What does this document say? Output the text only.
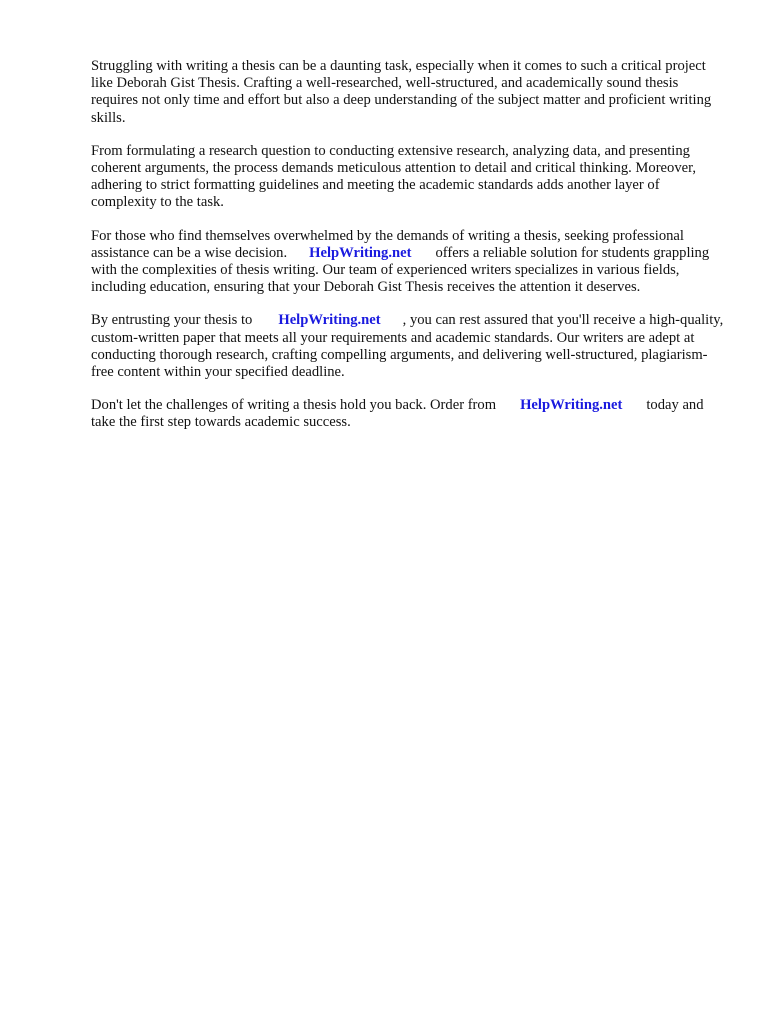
Struggling with writing a thesis can be a daunting task, especially when it comes to such a critical project like Deborah Gist Thesis. Crafting a well-researched, well-structured, and academically sound thesis requires not only time and effort but also a deep understanding of the subject matter and proficient writing skills.

From formulating a research question to conducting extensive research, analyzing data, and presenting coherent arguments, the process demands meticulous attention to detail and critical thinking. Moreover, adhering to strict formatting guidelines and meeting the academic standards adds another layer of complexity to the task.

For those who find themselves overwhelmed by the demands of writing a thesis, seeking professional assistance can be a wise decision. HelpWriting.net offers a reliable solution for students grappling with the complexities of thesis writing. Our team of experienced writers specializes in various fields, including education, ensuring that your Deborah Gist Thesis receives the attention it deserves.

By entrusting your thesis to HelpWriting.net , you can rest assured that you'll receive a high-quality, custom-written paper that meets all your requirements and academic standards. Our writers are adept at conducting thorough research, crafting compelling arguments, and delivering well-structured, plagiarism-free content within your specified deadline.

Don't let the challenges of writing a thesis hold you back. Order from HelpWriting.net today and take the first step towards academic success.
